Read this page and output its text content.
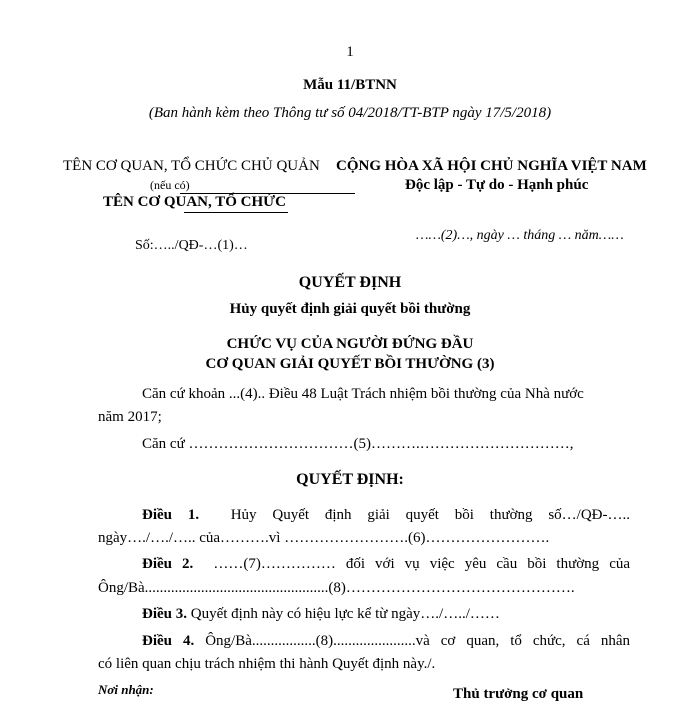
1
Mẫu 11/BTNN
(Ban hành kèm theo Thông tư số 04/2018/TT-BTP ngày 17/5/2018)
TÊN CƠ QUAN, TỔ CHỨC CHỦ QUẢN
(nếu có)
TÊN CƠ QUAN, TỔ CHỨC
CỘNG HÒA XÃ HỘI CHỦ NGHĨA VIỆT NAM
Độc lập - Tự do - Hạnh phúc
Số:…../QĐ-…(1)…
……(2)…, ngày … tháng … năm……
QUYẾT ĐỊNH
Hủy quyết định giải quyết bồi thường
CHỨC VỤ CỦA NGƯỜI ĐỨNG ĐẦU
CƠ QUAN GIẢI QUYẾT BỒI THƯỜNG (3)
Căn cứ khoản ...(4).. Điều 48 Luật Trách nhiệm bồi thường của Nhà nước
năm 2017;
Căn cứ ……………………………(5)……….…………………………,
QUYẾT ĐỊNH:
Điều 1. Hủy Quyết định giải quyết bồi thường số…/QĐ-…..
ngày…./…./….. của……….vì …………………….(6)…………………….
Điều 2. ……(7)…………… đối với vụ việc yêu cầu bồi thường của
Ông/Bà.................................................(8)……………………………………….
Điều 3. Quyết định này có hiệu lực kể từ ngày…./…../……
Điều 4. Ông/Bà.................(8)......................và cơ quan, tổ chức, cá nhân
có liên quan chịu trách nhiệm thi hành Quyết định này./.
Nơi nhận:	Thủ trưởng cơ quan
